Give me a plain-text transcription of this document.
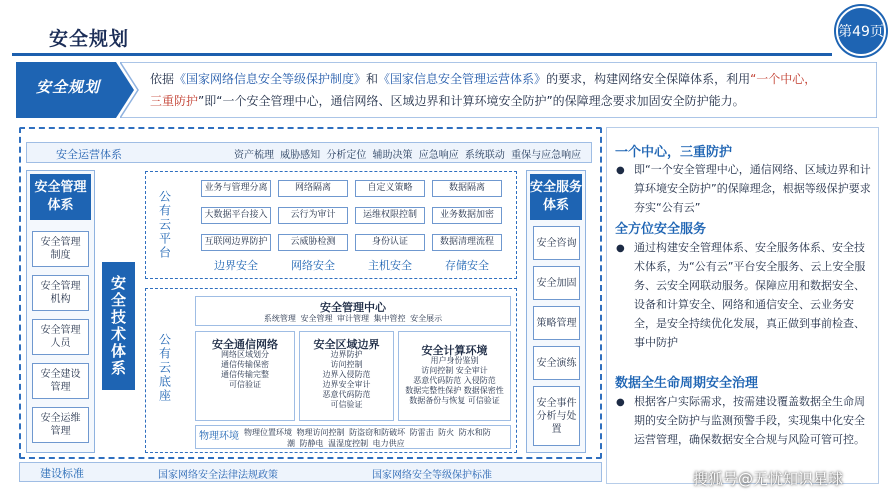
安全规划	第49页
安全规划	依据《国家网络信息安全等级保护制度》和《国家信息安全管理运营体系》的要求，构建网络安全保障体系，利用“一个中心，
三重防护”即“一个安全管理中心，通信网络、区域边界和计算环境安全防护”的保障理念要求加固安全防护能力。
安全运营体系	资产梳理 威胁感知 分析定位 辅助决策 应急响应 系统联动 重保与应急响应
安全管理体系
安全管理制度
安全管理机构
安全管理人员
安全建设管理
安全运维管理
安全技术体系
公有云平台
业务与管理分离	网络隔离	自定义策略	数据隔离
大数据平台接入	云行为审计	运维权限控制	业务数据加密
互联网边界防护	云威胁检测	身份认证	数据清理流程
边界安全	网络安全	主机安全	存储安全
公有云底座
安全管理中心
系统管理 安全管理 审计管理 集中管控 安全展示
安全通信网络
网络区域划分
通信传输保密
通信传输完整
可信验证
安全区域边界
边界防护
访问控制
边界入侵防范
边界安全审计
恶意代码防范
可信验证
安全计算环境
用户身份鉴别
访问控制 安全审计
恶意代码防范 入侵防范
数据完整性保护 数据保密性
数据备份与恢复 可信验证
物理环境 物理位置环境 物理访问控制 防盗窃和防破坏 防雷击 防火 防水和防
潮 防静电 温湿度控制 电力供应
安全服务体系
安全咨询
安全加固
策略管理
安全演练
安全事件分析与处置
建设标准	国家网络安全法律法规政策	国家网络安全等级保护标准
一个中心，三重防护
● 即“一个安全管理中心，通信网络、区域边界和计算环境安全防护”的保障理念，根据等级保护要求夯实“公有云”
全方位安全服务
● 通过构建安全管理体系、安全服务体系、安全技术体系，为“公有云”平台安全服务、云上安全服务、云安全网联动服务。保障应用和数据安全、设备和计算安全、网络和通信安全、云业务安全，是安全持续优化发展，真正做到事前检查、事中防护
数据全生命周期安全治理
● 根据客户实际需求，按需建设覆盖数据全生命周期的安全防护与监测预警手段，实现集中化安全运营管理，确保数据安全合规与风险可管可控。
搜狐号@无忧知识星球
